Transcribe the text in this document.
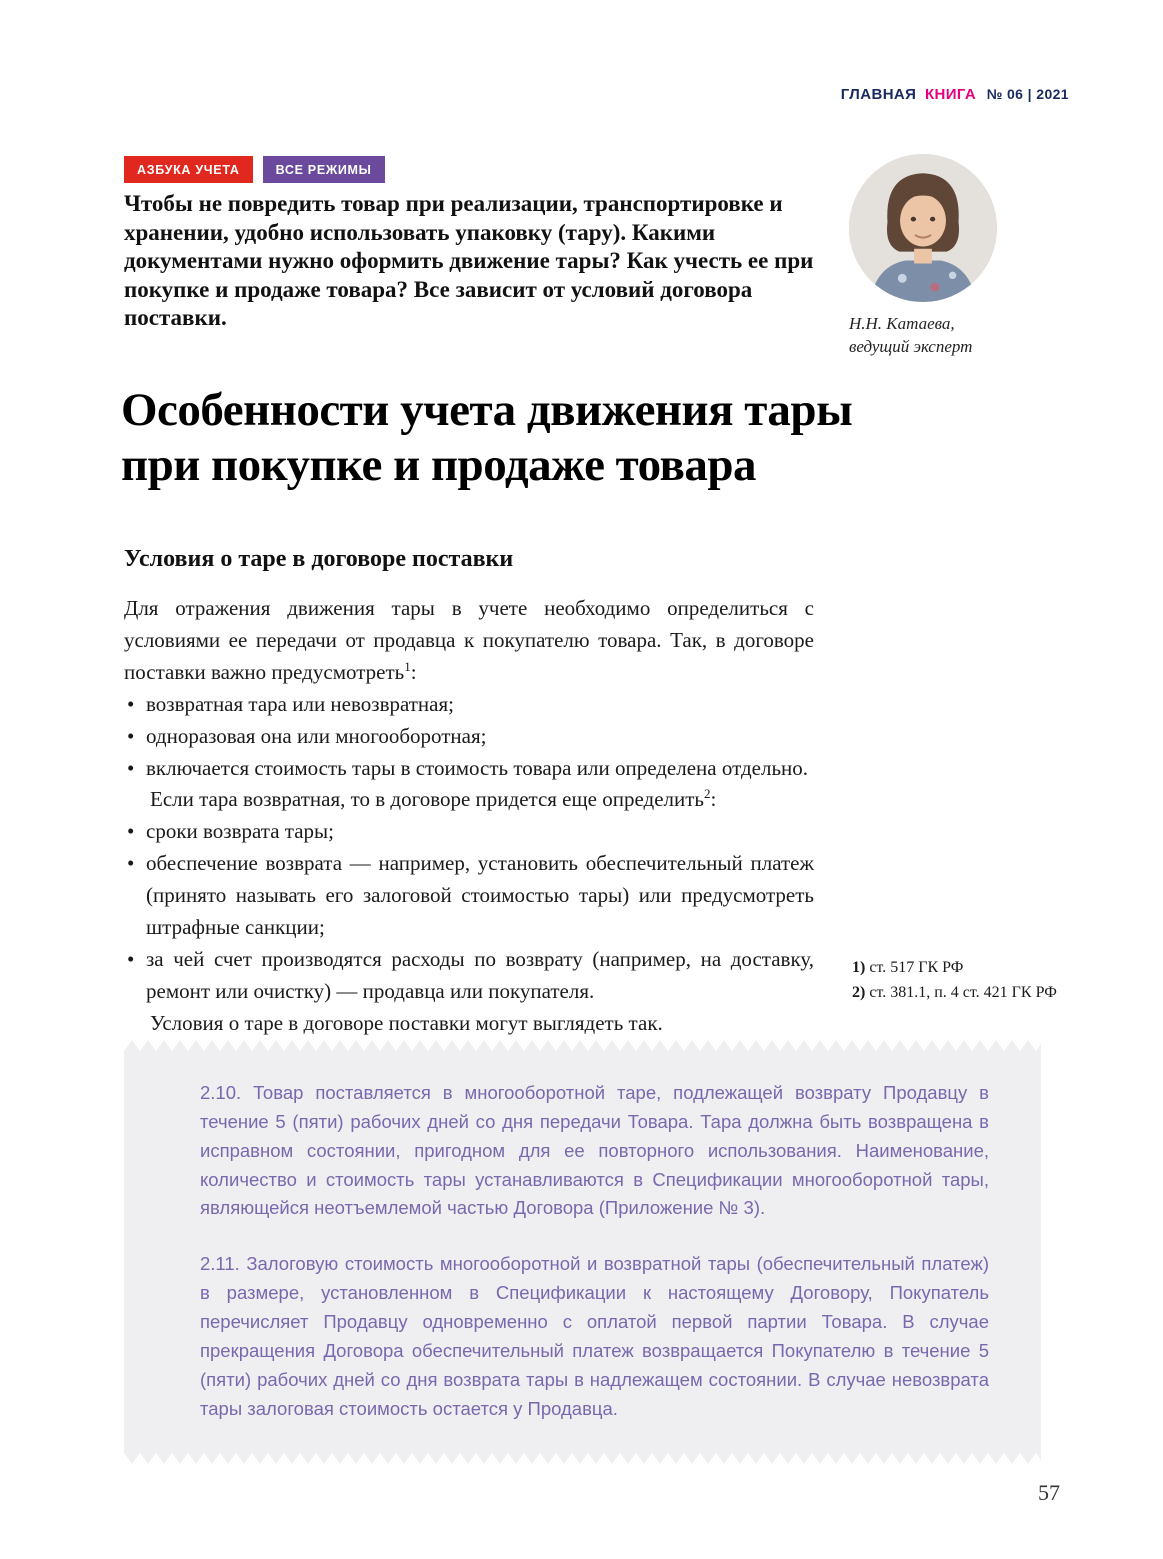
ГЛАВНАЯ КНИГА № 06 | 2021
АЗБУКА УЧЕТА	ВСЕ РЕЖИМЫ

Чтобы не повредить товар при реализации, транспортировке и хранении, удобно использовать упаковку (тару). Какими документами нужно оформить движение тары? Как учесть ее при покупке и продаже товара? Все зависит от условий договора поставки.	Н.Н. Катаева,
ведущий эксперт
Особенности учета движения тары
при покупке и продаже товара
Условия о таре в договоре поставки

Для отражения движения тары в учете необходимо определиться с условиями ее передачи от продавца к покупателю товара. Так, в договоре поставки важно предусмотреть$^1$:

• возвратная тара или невозвратная;
• одноразовая она или многооборотная;
• включается стоимость тары в стоимость товара или определена отдельно.

Если тара возвратная, то в договоре придется еще определить$^2$:

• сроки возврата тары;
• обеспечение возврата — например, установить обеспечительный платеж (принято называть его залоговой стоимостью тары) или предусмотреть штрафные санкции;
• за чей счет производятся расходы по возврату (например, на доставку, ремонт или очистку) — продавца или покупателя.

Условия о таре в договоре поставки могут выглядеть так.

1) ст. 517 ГК РФ
2) ст. 381.1, п. 4 ст. 421 ГК РФ

2.10. Товар поставляется в многооборотной таре, подлежащей возврату Продавцу в течение 5 (пяти) рабочих дней со дня передачи Товара. Тара должна быть возвращена в исправном состоянии, пригодном для ее повторного использования. Наименование, количество и стоимость тары устанавливаются в Спецификации многооборотной тары, являющейся неотъемлемой частью Договора (Приложение № 3).

2.11. Залоговую стоимость многооборотной и возвратной тары (обеспечительный платеж) в размере, установленном в Спецификации к настоящему Договору, Покупатель перечисляет Продавцу одновременно с оплатой первой партии Товара. В случае прекращения Договора обеспечительный платеж возвращается Покупателю в течение 5 (пяти) рабочих дней со дня возврата тары в надлежащем состоянии. В случае невозврата тары залоговая стоимость остается у Продавца.

57
